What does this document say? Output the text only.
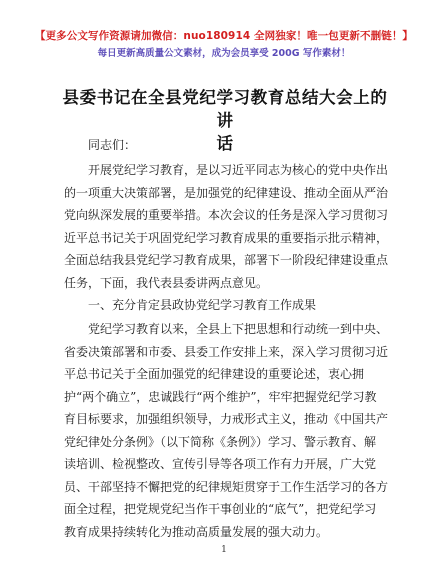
【更多公文写作资源请加微信：nuo180914 全网独家！唯一包更新不删链！】
每日更新高质量公文素材，成为会员享受 200G 写作素材！
县委书记在全县党纪学习教育总结大会上的讲
话
同志们：
开展党纪学习教育，是以习近平同志为核心的党中央作出
的一项重大决策部署，是加强党的纪律建设、推动全面从严治
党向纵深发展的重要举措。本次会议的任务是深入学习贯彻习
近平总书记关于巩固党纪学习教育成果的重要指示批示精神，
全面总结我县党纪学习教育成果，部署下一阶段纪律建设重点
任务，下面，我代表县委讲两点意见。
一、充分肯定县政协党纪学习教育工作成果
党纪学习教育以来，全县上下把思想和行动统一到中央、
省委决策部署和市委、县委工作安排上来，深入学习贯彻习近
平总书记关于全面加强党的纪律建设的重要论述，衷心拥
护“两个确立”，忠诚践行“两个维护”，牢牢把握党纪学习教
育目标要求，加强组织领导，力戒形式主义，推动《中国共产
党纪律处分条例》（以下简称《条例》）学习、警示教育、解
读培训、检视整改、宣传引导等各项工作有力开展，广大党
员、干部坚持不懈把党的纪律规矩贯穿于工作生活学习的各方
面全过程，把党规党纪当作干事创业的“底气”，把党纪学习
教育成果持续转化为推动高质量发展的强大动力。
1
